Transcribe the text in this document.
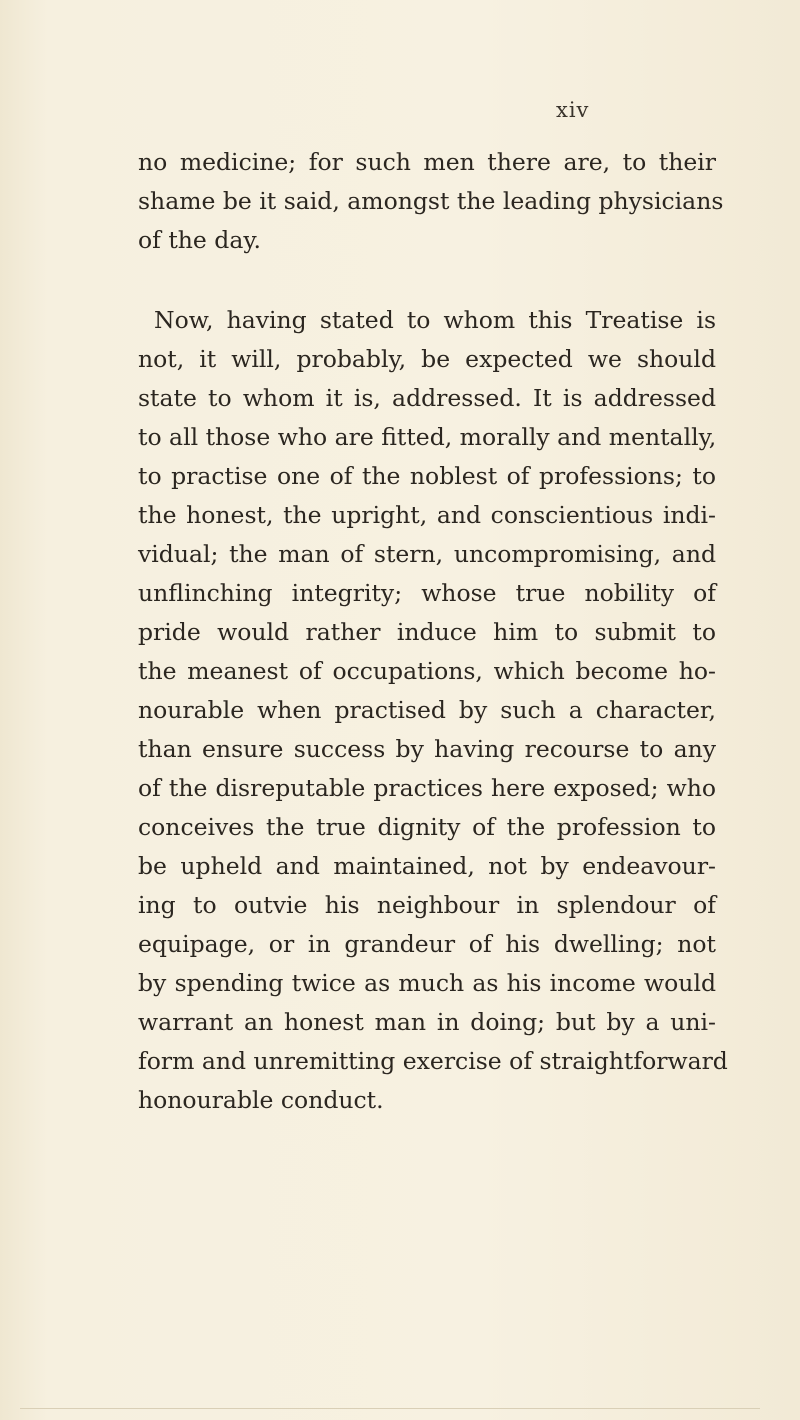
xiv
no medicine; for such men there are, to their
shame be it said, amongst the leading physicians
of the day.
Now, having stated to whom this Treatise is
not, it will, probably, be expected we should
state to whom it is, addressed. It is addressed
to all those who are fitted, morally and mentally,
to practise one of the noblest of professions; to
the honest, the upright, and conscientious indi-
vidual; the man of stern, uncompromising, and
unflinching integrity; whose true nobility of
pride would rather induce him to submit to
the meanest of occupations, which become ho-
nourable when practised by such a character,
than ensure success by having recourse to any
of the disreputable practices here exposed; who
conceives the true dignity of the profession to
be upheld and maintained, not by endeavour-
ing to outvie his neighbour in splendour of
equipage, or in grandeur of his dwelling; not
by spending twice as much as his income would
warrant an honest man in doing; but by a uni-
form and unremitting exercise of straightforward
honourable conduct.
